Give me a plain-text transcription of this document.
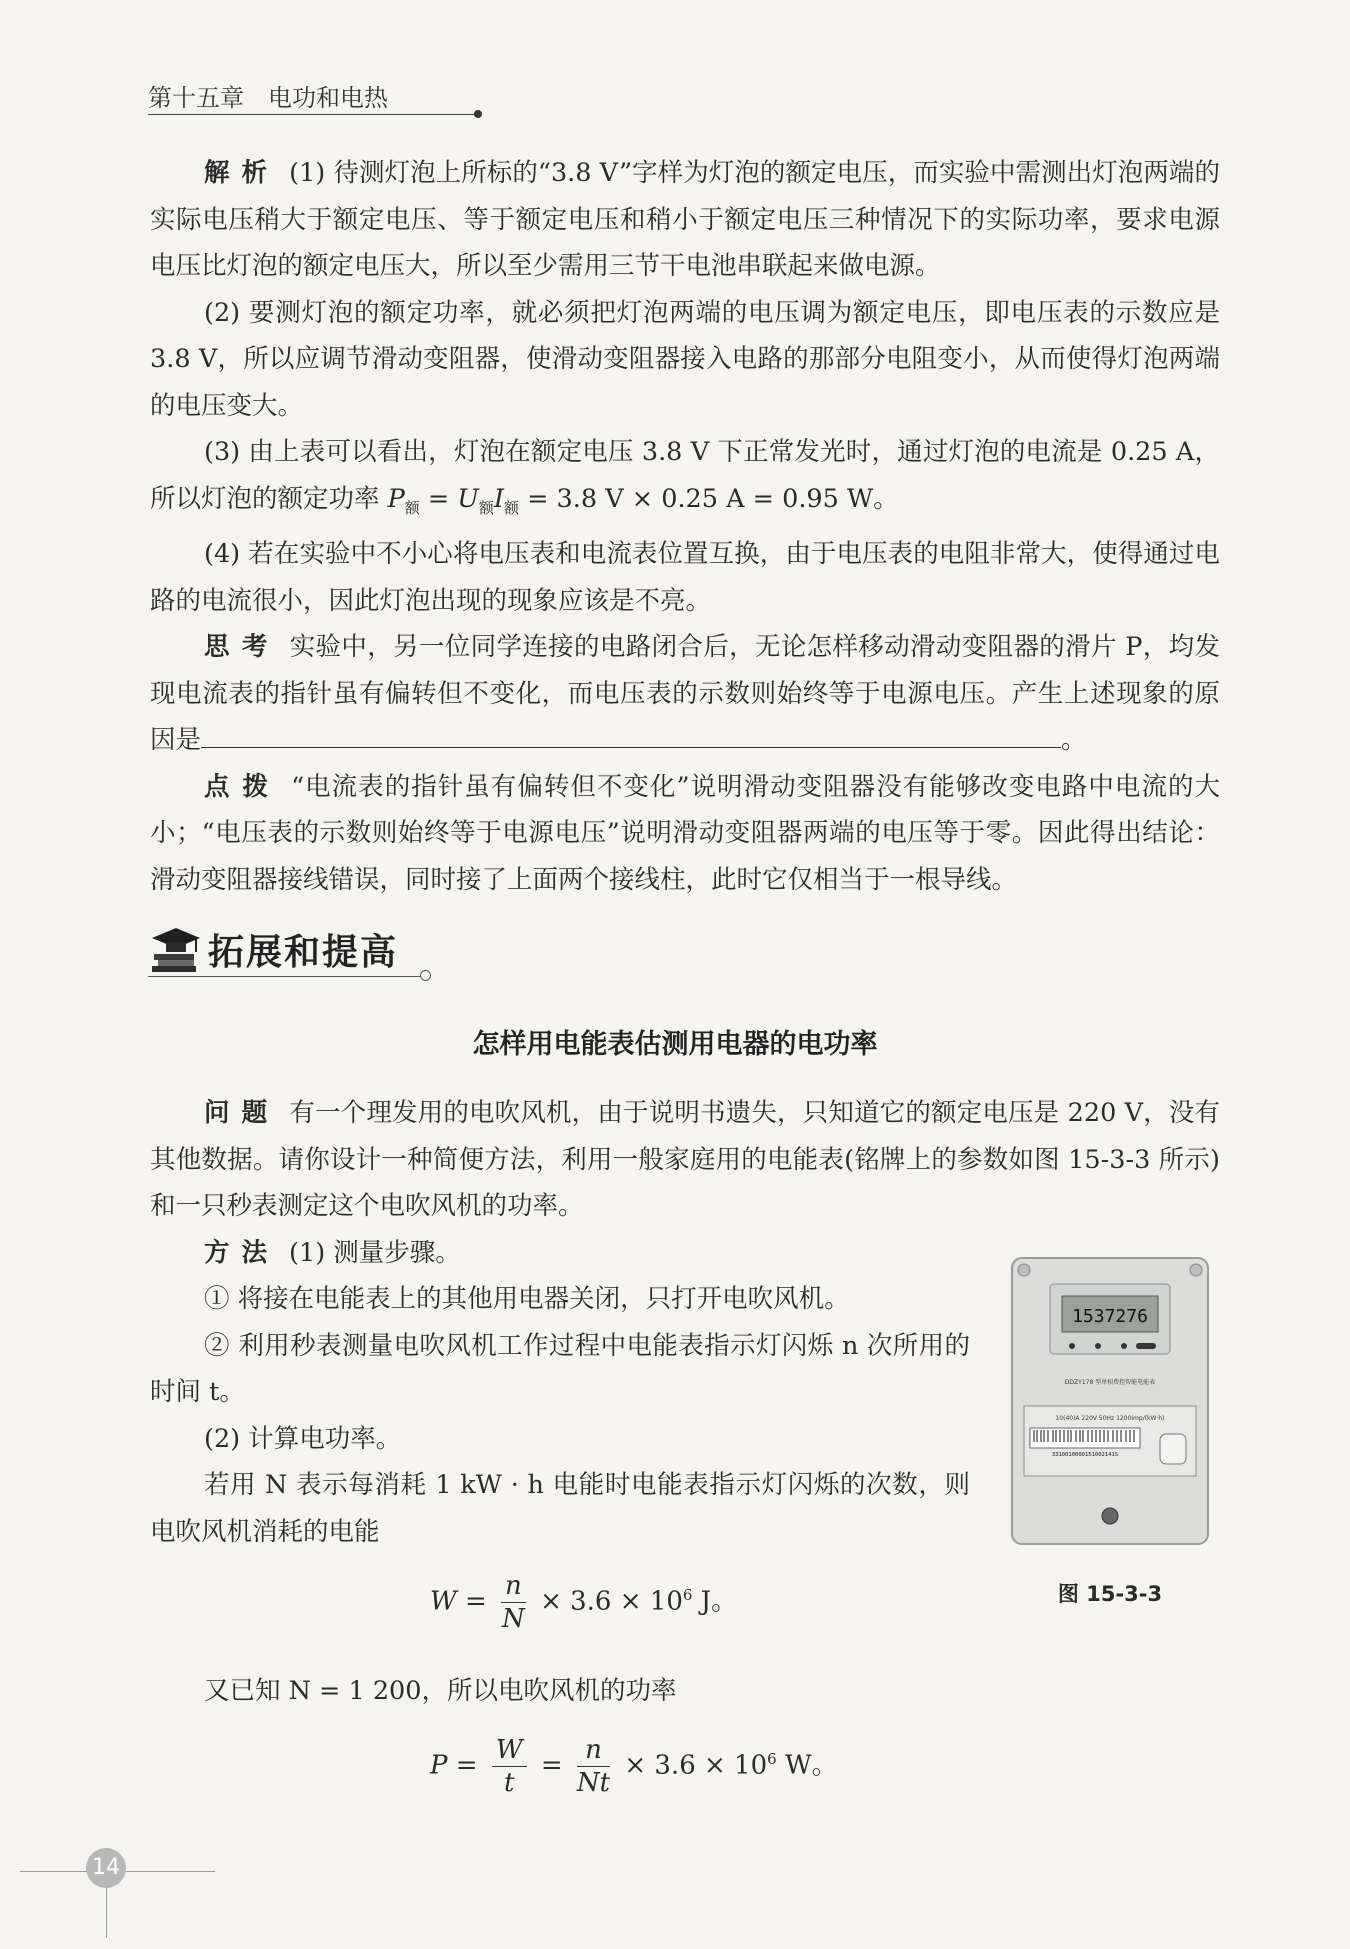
第十五章　电功和电热

解析 (1) 待测灯泡上所标的“3.8 V”字样为灯泡的额定电压，而实验中需测出灯泡两端的实际电压稍大于额定电压、等于额定电压和稍小于额定电压三种情况下的实际功率，要求电源电压比灯泡的额定电压大，所以至少需用三节干电池串联起来做电源。

(2) 要测灯泡的额定功率，就必须把灯泡两端的电压调为额定电压，即电压表的示数应是3.8 V，所以应调节滑动变阻器，使滑动变阻器接入电路的那部分电阻变小，从而使得灯泡两端的电压变大。

(3) 由上表可以看出，灯泡在额定电压 3.8 V 下正常发光时，通过灯泡的电流是 0.25 A，所以灯泡的额定功率 $P_额 = U_额I_额 = 3.8$ V × 0.25 A = 0.95 W。

(4) 若在实验中不小心将电压表和电流表位置互换，由于电压表的电阻非常大，使得通过电路的电流很小，因此灯泡出现的现象应该是不亮。

思考 实验中，另一位同学连接的电路闭合后，无论怎样移动滑动变阻器的滑片 P，均发现电流表的指针虽有偏转但不变化，而电压表的示数则始终等于电源电压。产生上述现象的原因是	。

点拨 “电流表的指针虽有偏转但不变化”说明滑动变阻器没有能够改变电路中电流的大小；“电压表的示数则始终等于电源电压”说明滑动变阻器两端的电压等于零。因此得出结论：滑动变阻器接线错误，同时接了上面两个接线柱，此时它仅相当于一根导线。

拓展和提高
怎样用电能表估测用电器的电功率

问题 有一个理发用的电吹风机，由于说明书遗失，只知道它的额定电压是 220 V，没有其他数据。请你设计一种简便方法，利用一般家庭用的电能表(铭牌上的参数如图 15-3-3 所示)和一只秒表测定这个电吹风机的功率。

方法 (1) 测量步骤。

① 将接在电能表上的其他用电器关闭，只打开电吹风机。

② 利用秒表测量电吹风机工作过程中电能表指示灯闪烁 n 次所用的时间 t。

(2) 计算电功率。

若用 N 表示每消耗 1 kW · h 电能时电能表指示灯闪烁的次数，则电吹风机消耗的电能

$W = \frac{n}{N} \times 3.6 \times 10^6$ J。

又已知 N = 1 200，所以电吹风机的功率

$P = \frac{W}{t} = \frac{n}{Nt} \times 3.6 \times 10^6$ W。
1537276
DDZY178 型单相费控智能电能表
10(40)A 220V 50Hz 1200imp/(kW·h)
3310010000151002141S
图 15-3-3
14
